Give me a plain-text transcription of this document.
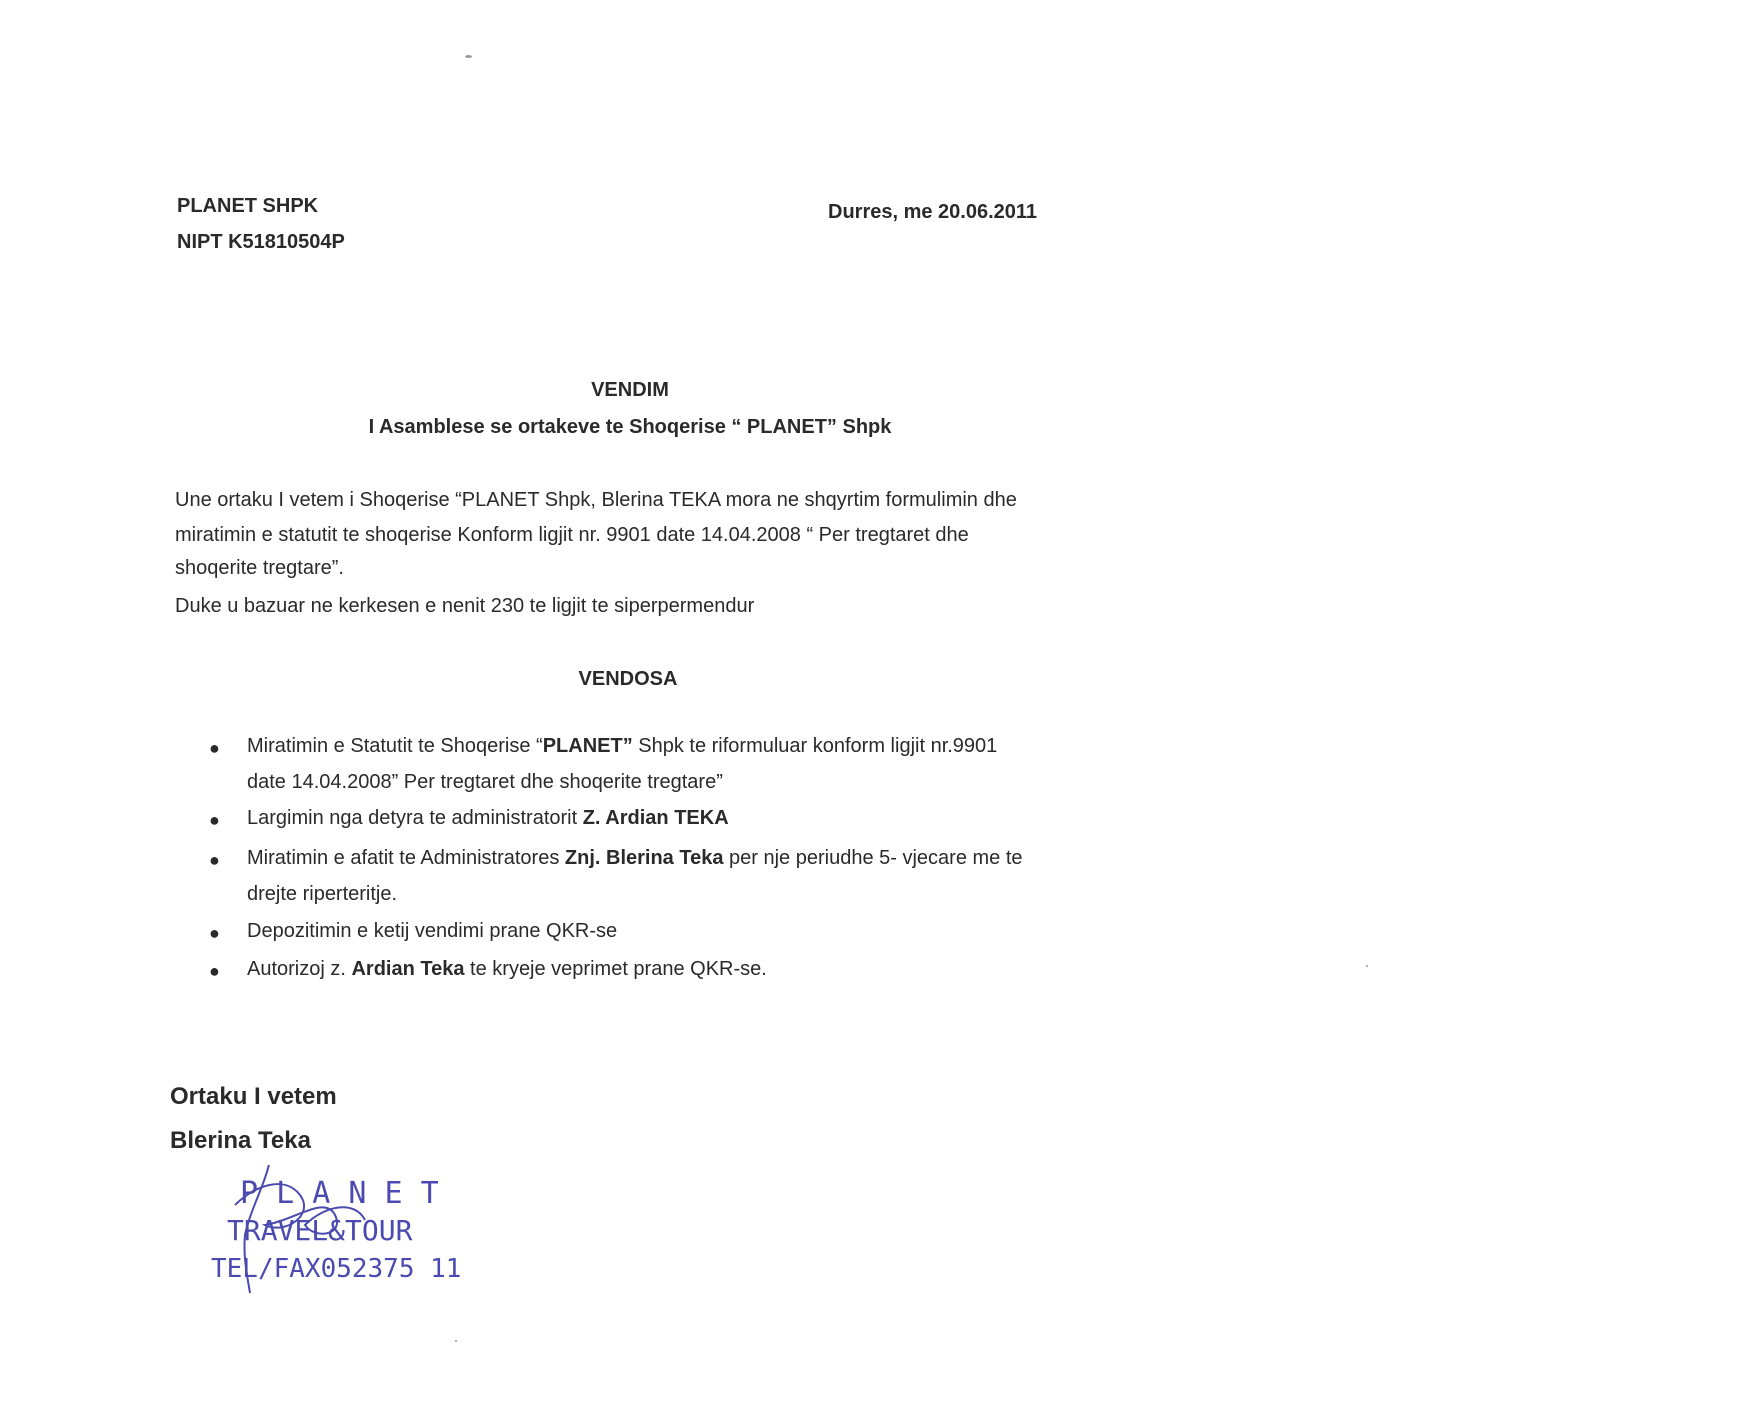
PLANET SHPK
NIPT K51810504P
Durres, me 20.06.2011
VENDIM
I Asamblese se ortakeve te Shoqerise “ PLANET” Shpk
Une ortaku I vetem i Shoqerise “PLANET Shpk, Blerina TEKA mora ne shqyrtim formulimin dhe
miratimin e statutit te shoqerise Konform ligjit nr. 9901 date 14.04.2008 “ Per tregtaret dhe
shoqerite tregtare”.
Duke u bazuar ne kerkesen e nenit 230 te ligjit te siperpermendur
VENDOSA
● Miratimin e Statutit te Shoqerise “PLANET” Shpk te riformuluar konform ligjit nr.9901
date 14.04.2008” Per tregtaret dhe shoqerite tregtare”
● Largimin nga detyra te administratorit Z. Ardian TEKA
● Miratimin e afatit te Administratores Znj. Blerina Teka per nje periudhe 5- vjecare me te
drejte riperteritje.
● Depozitimin e ketij vendimi prane QKR-se
● Autorizoj z. Ardian Teka te kryeje veprimet prane QKR-se.
Ortaku I vetem
Blerina Teka
P L A N E T
TRAVEL&TOUR
TEL/FAX052375 11
